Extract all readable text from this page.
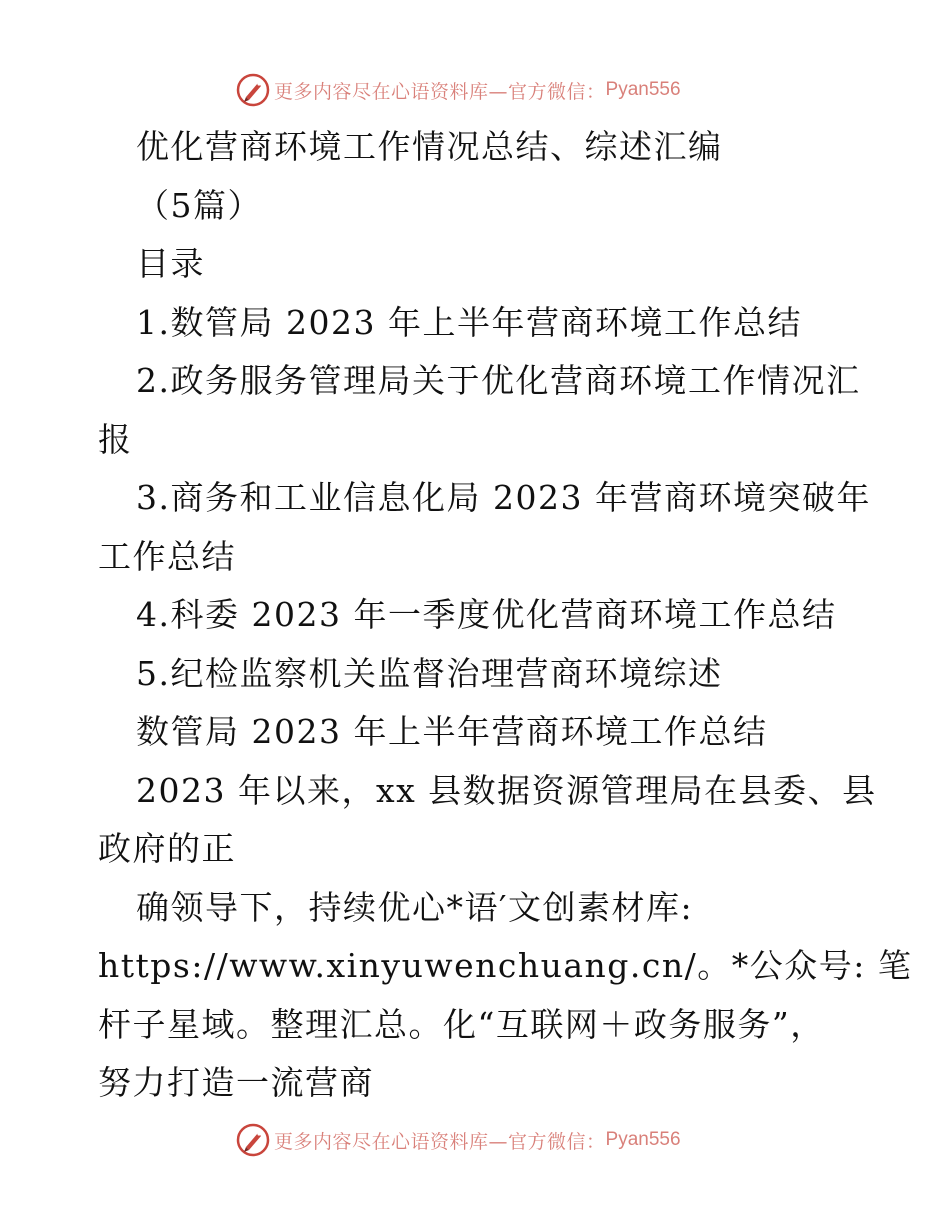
更多内容尽在心语资料库—官方微信： Pyan556
优化营商环境工作情况总结、综述汇编
（5篇）
目录
1.数管局 2023 年上半年营商环境工作总结
2.政务服务管理局关于优化营商环境工作情况汇
报
3.商务和工业信息化局 2023 年营商环境突破年
工作总结
4.科委 2023 年一季度优化营商环境工作总结
5.纪检监察机关监督治理营商环境综述
数管局 2023 年上半年营商环境工作总结
2023 年以来，xx 县数据资源管理局在县委、县
政府的正
确领导下，持续优心*语′文创素材库:
https://www.xinyuwenchuang.cn/。*公众号: 笔
杆子星域。整理汇总。化“互联网＋政务服务”，
努力打造一流营商
更多内容尽在心语资料库—官方微信： Pyan556
